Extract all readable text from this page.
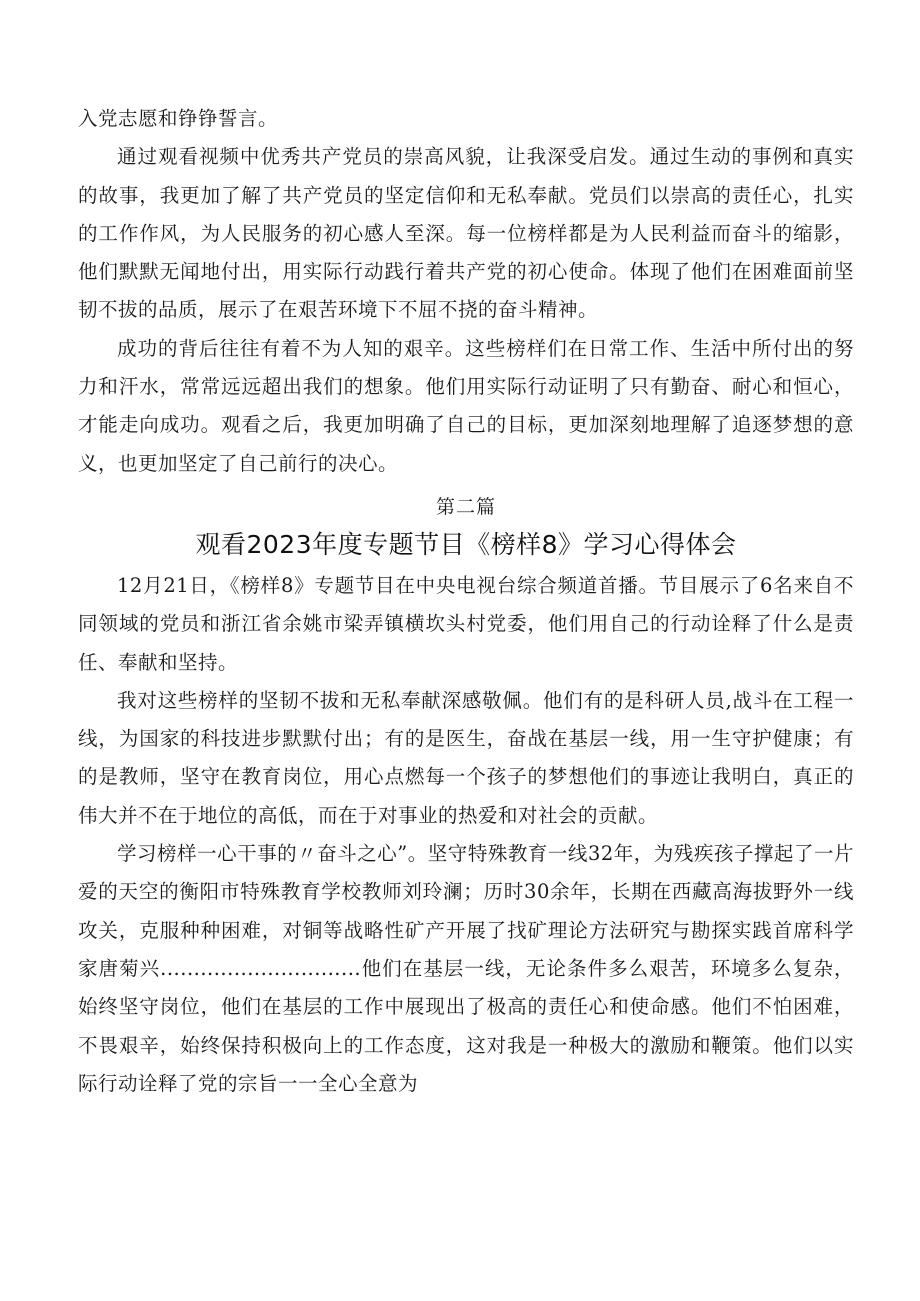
入党志愿和铮铮誓言。

通过观看视频中优秀共产党员的崇高风貌，让我深受启发。通过生动的事例和真实的故事，我更加了解了共产党员的坚定信仰和无私奉献。党员们以崇高的责任心，扎实的工作作风，为人民服务的初心感人至深。每一位榜样都是为人民利益而奋斗的缩影，他们默默无闻地付出，用实际行动践行着共产党的初心使命。体现了他们在困难面前坚韧不拔的品质，展示了在艰苦环境下不屈不挠的奋斗精神。

成功的背后往往有着不为人知的艰辛。这些榜样们在日常工作、生活中所付出的努力和汗水，常常远远超出我们的想象。他们用实际行动证明了只有勤奋、耐心和恒心，才能走向成功。观看之后，我更加明确了自己的目标，更加深刻地理解了追逐梦想的意义，也更加坚定了自己前行的决心。

第二篇
观看2023年度专题节目《榜样8》学习心得体会

12月21日，《榜样8》专题节目在中央电视台综合频道首播。节目展示了6名来自不同领域的党员和浙江省余姚市梁弄镇横坎头村党委，他们用自己的行动诠释了什么是责任、奉献和坚持。

我对这些榜样的坚韧不拔和无私奉献深感敬佩。他们有的是科研人员,战斗在工程一线，为国家的科技进步默默付出；有的是医生，奋战在基层一线，用一生守护健康；有的是教师，坚守在教育岗位，用心点燃每一个孩子的梦想他们的事迹让我明白，真正的伟大并不在于地位的高低，而在于对事业的热爱和对社会的贡献。

学习榜样一心干事的〃奋斗之心”。坚守特殊教育一线32年，为残疾孩子撑起了一片爱的天空的衡阳市特殊教育学校教师刘玲澜；历时30余年，长期在西藏高海拔野外一线攻关，克服种种困难，对铜等战略性矿产开展了找矿理论方法研究与勘探实践首席科学家唐菊兴..............................他们在基层一线，无论条件多么艰苦，环境多么复杂，始终坚守岗位，他们在基层的工作中展现出了极高的责任心和使命感。他们不怕困难，不畏艰辛，始终保持积极向上的工作态度，这对我是一种极大的激励和鞭策。他们以实际行动诠释了党的宗旨一一全心全意为
